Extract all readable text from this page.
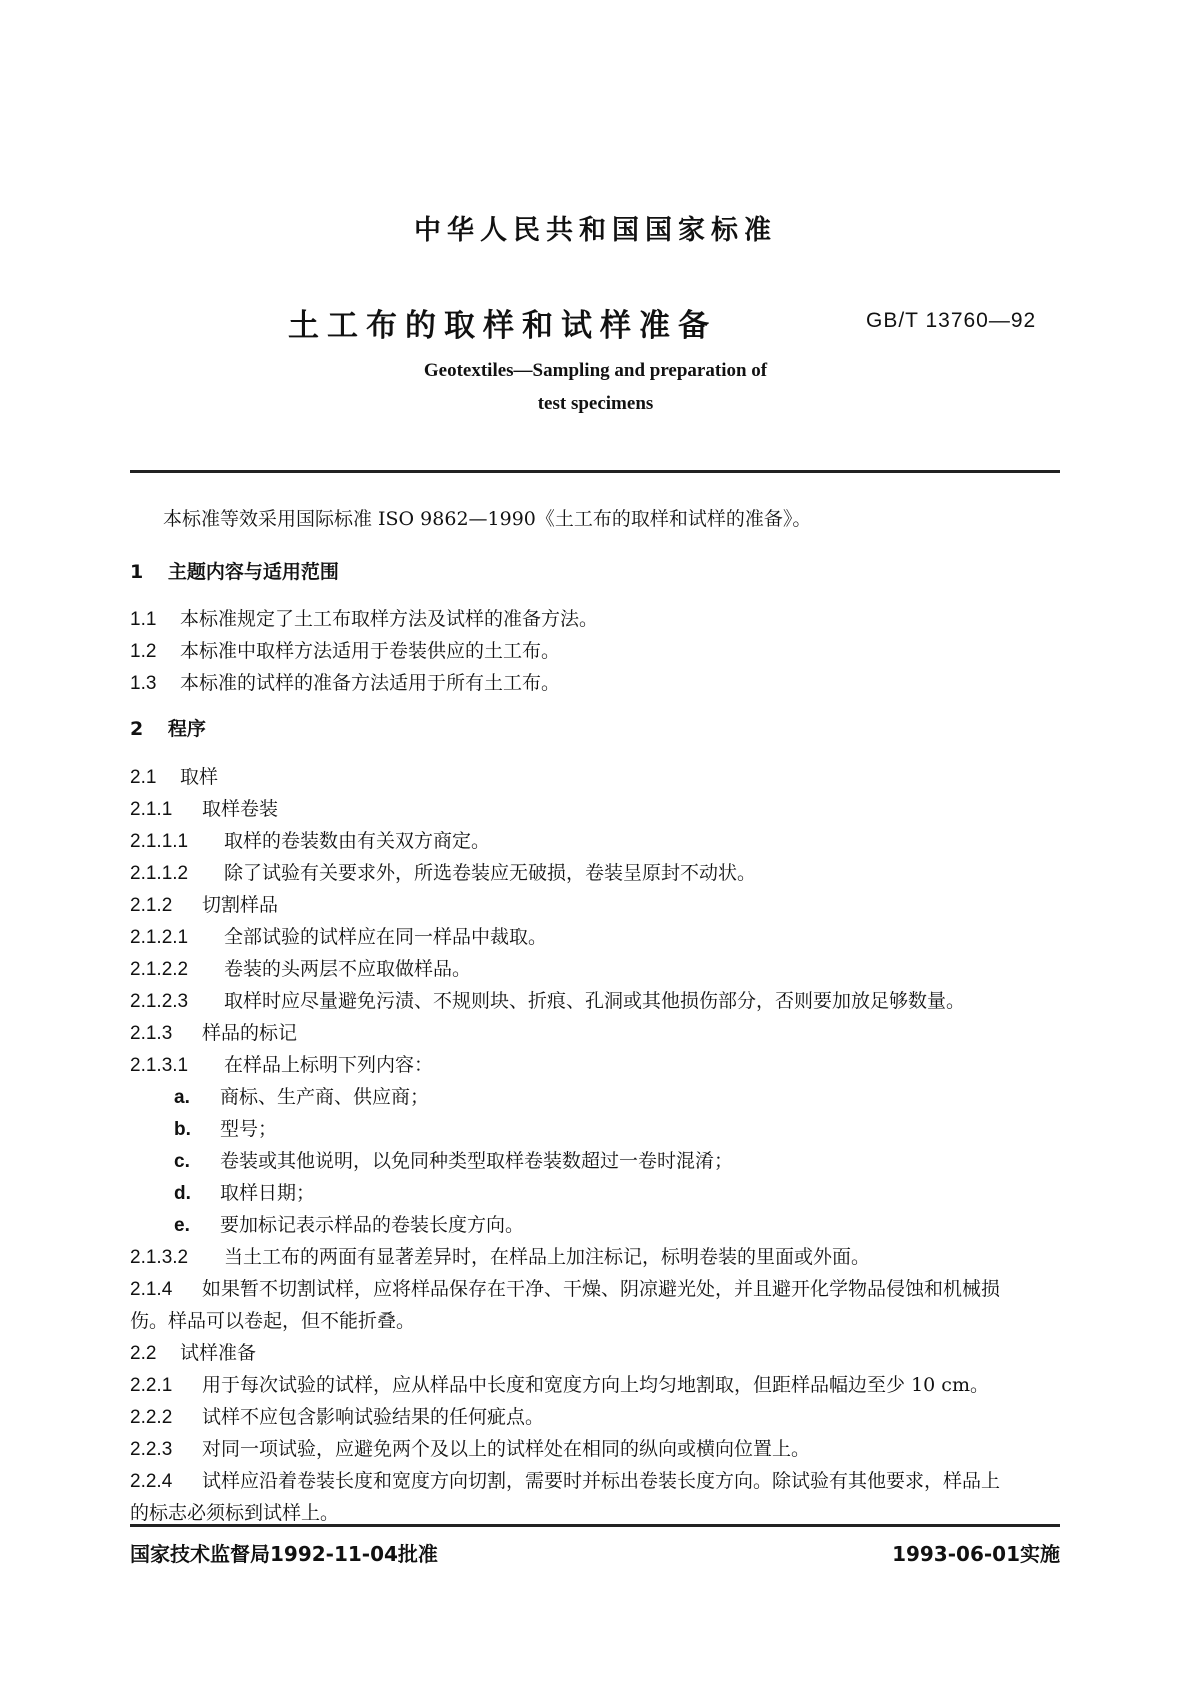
中华人民共和国国家标准
土工布的取样和试样准备	GB/T 13760—92
Geotextiles—Sampling and preparation of
test specimens
本标准等效采用国际标准 ISO 9862—1990《土工布的取样和试样的准备》。
1 主题内容与适用范围
1.1 本标准规定了土工布取样方法及试样的准备方法。
1.2 本标准中取样方法适用于卷装供应的土工布。
1.3 本标准的试样的准备方法适用于所有土工布。
2 程序
2.1 取样
2.1.1 取样卷装
2.1.1.1 取样的卷装数由有关双方商定。
2.1.1.2 除了试验有关要求外，所选卷装应无破损，卷装呈原封不动状。
2.1.2 切割样品
2.1.2.1 全部试验的试样应在同一样品中裁取。
2.1.2.2 卷装的头两层不应取做样品。
2.1.2.3 取样时应尽量避免污渍、不规则块、折痕、孔洞或其他损伤部分，否则要加放足够数量。
2.1.3 样品的标记
2.1.3.1 在样品上标明下列内容：
a. 商标、生产商、供应商；
b. 型号；
c. 卷装或其他说明，以免同种类型取样卷装数超过一卷时混淆；
d. 取样日期；
e. 要加标记表示样品的卷装长度方向。
2.1.3.2 当土工布的两面有显著差异时，在样品上加注标记，标明卷装的里面或外面。
2.1.4 如果暂不切割试样，应将样品保存在干净、干燥、阴凉避光处，并且避开化学物品侵蚀和机械损
伤。样品可以卷起，但不能折叠。
2.2 试样准备
2.2.1 用于每次试验的试样，应从样品中长度和宽度方向上均匀地割取，但距样品幅边至少 10 cm。
2.2.2 试样不应包含影响试验结果的任何疵点。
2.2.3 对同一项试验，应避免两个及以上的试样处在相同的纵向或横向位置上。
2.2.4 试样应沿着卷装长度和宽度方向切割，需要时并标出卷装长度方向。除试验有其他要求，样品上
的标志必须标到试样上。
国家技术监督局1992-11-04批准	1993-06-01实施
